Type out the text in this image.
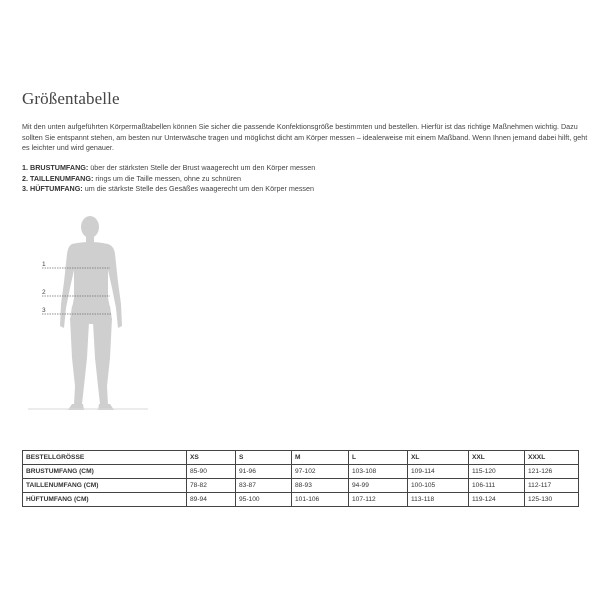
Größentabelle
Mit den unten aufgeführten Körpermaßtabellen können Sie sicher die passende Konfektionsgröße bestimmten und bestellen. Hierfür ist das richtige Maßnehmen wichtig. Dazu sollten Sie entspannt stehen, am besten nur Unterwäsche tragen und möglichst dicht am Körper messen – idealerweise mit einem Maßband. Wenn Ihnen jemand dabei hilft, geht es leichter und wird genauer.
1. BRUSTUMFANG: über der stärksten Stelle der Brust waagerecht um den Körper messen
2. TAILLENUMFANG: rings um die Taille messen, ohne zu schnüren
3. HÜFTUMFANG: um die stärkste Stelle des Gesäßes waagerecht um den Körper messen
1
2
3
BESTELLGRÖSSE	XS	S	M	L	XL	XXL	XXXL
BRUSTUMFANG (CM)	85-90	91-96	97-102	103-108	109-114	115-120	121-126
TAILLENUMFANG (CM)	78-82	83-87	88-93	94-99	100-105	106-111	112-117
HÜFTUMFANG (CM)	89-94	95-100	101-106	107-112	113-118	119-124	125-130
